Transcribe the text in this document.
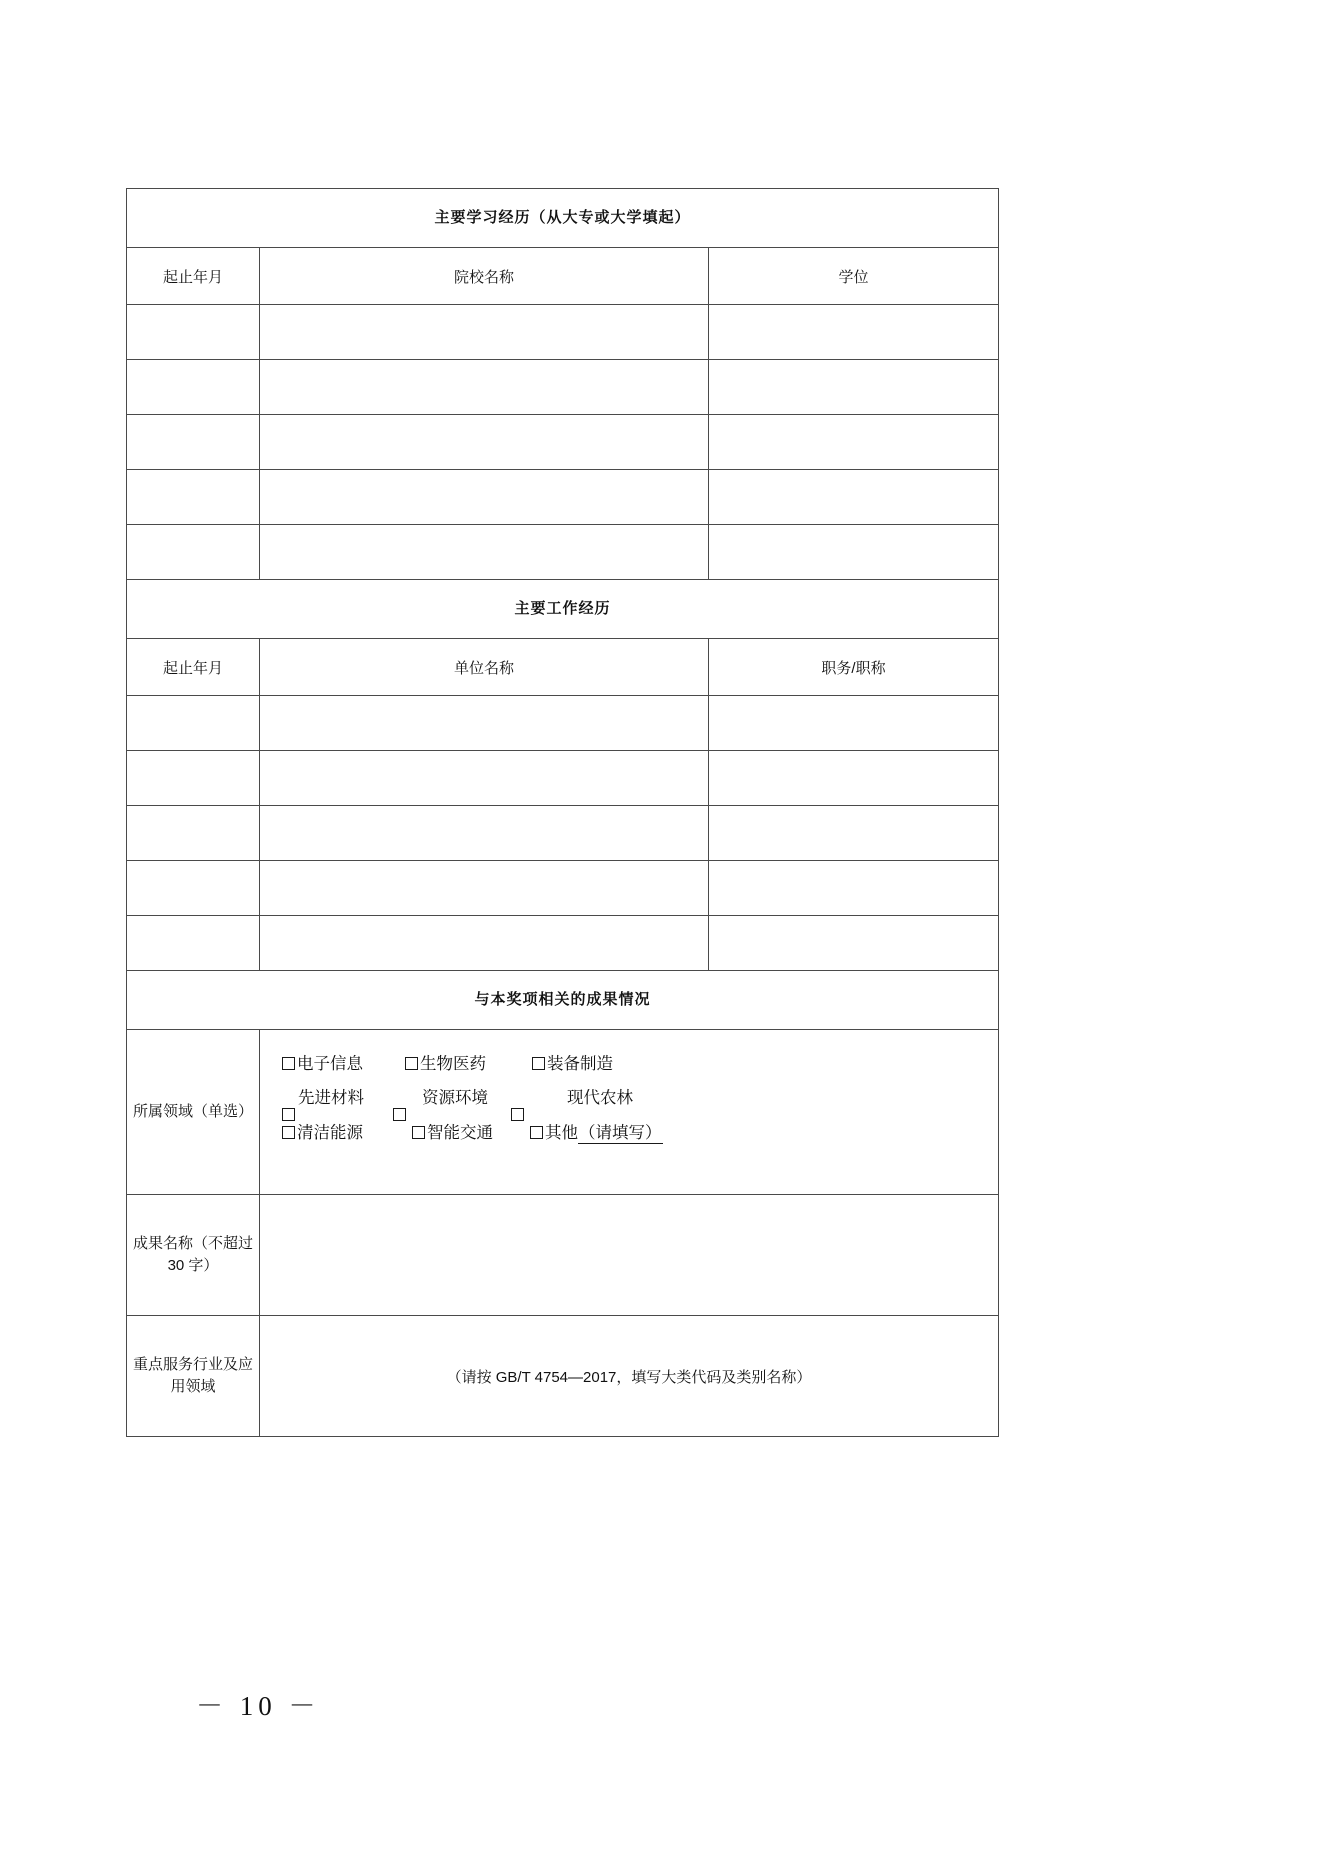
主要学习经历（从大专或大学填起）		
起止年月	院校名称	学位

主要工作经历		
起止年月	单位名称	职务/职称

与本奖项相关的成果情况		
所属领域（单选）	
电子信息	生物医药	装备制造
先进材料	资源环境	现代农林
清洁能源	智能交通	其他（请填写）

成果名称（不超过 30 字）		
重点服务行业及应用领域	（请按 GB/T 4754—2017，填写大类代码及类别名称）	
－ 10 －
